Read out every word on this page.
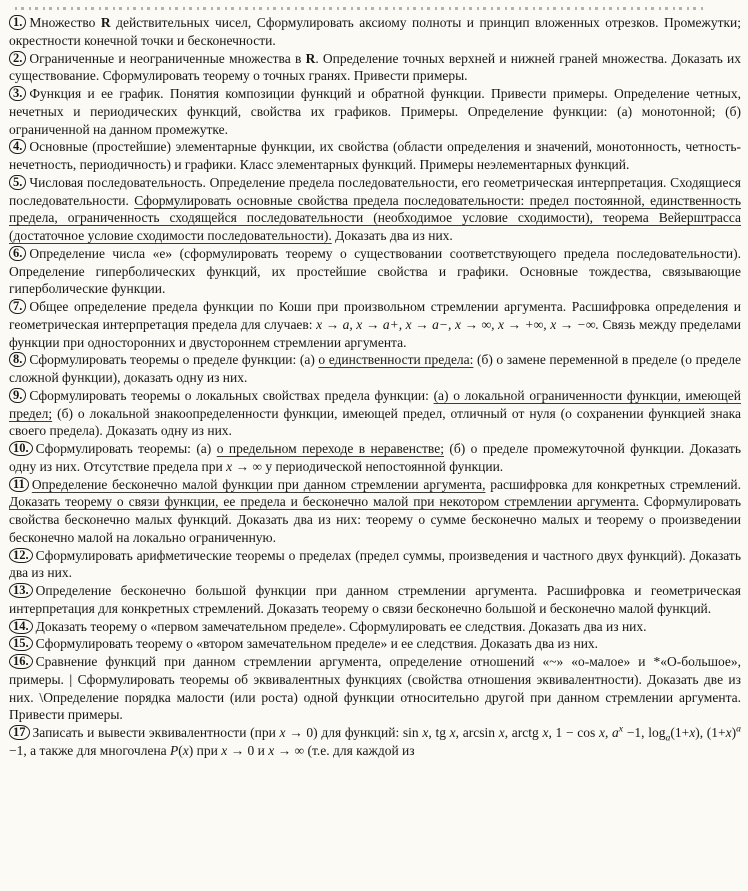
1. Множество R действительных чисел, Сформулировать аксиому полноты и принцип вложенных отрезков. Промежутки; окрестности конечной точки и бесконечности.

2. Ограниченные и неограниченные множества в R. Определение точных верхней и нижней граней множества. Доказать их существование. Сформулировать теорему о точных гранях. Привести примеры.

3. Функция и ее график. Понятия композиции функций и обратной функции. Привести примеры. Определение четных, нечетных и периодических функций, свойства их графиков. Примеры. Определение функции: (а) монотонной; (б) ограниченной на данном промежутке.

4. Основные (простейшие) элементарные функции, их свойства (области определения и значений, монотонность, четность-нечетность, периодичность) и графики. Класс элементарных функций. Примеры неэлементарных функций.

5. Числовая последовательность. Определение предела последовательности, его геометрическая интерпретация. Сходящиеся последовательности. Сформулировать основные свойства предела последовательности: предел постоянной, единственность предела, ограниченность сходящейся последовательности (необходимое условие сходимости), теорема Вейерштрасса (достаточное условие сходимости последовательности). Доказать два из них.

6. Определение числа «е» (сформулировать теорему о существовании соответствующего предела последовательности). Определение гиперболических функций, их простейшие свойства и графики. Основные тождества, связывающие гиперболические функции.

7. Общее определение предела функции по Коши при произвольном стремлении аргумента. Расшифровка определения и геометрическая интерпретация предела для случаев: x → a, x → a+, x → a−, x → ∞, x → +∞, x → −∞. Связь между пределами функции при односторонних и двустороннем стремлении аргумента.

8. Сформулировать теоремы о пределе функции: (а) о единственности предела: (б) о замене переменной в пределе (о пределе сложной функции), доказать одну из них.

9. Сформулировать теоремы о локальных свойствах предела функции: (а) о локальной ограниченности функции, имеющей предел; (б) о локальной знакоопределенности функции, имеющей предел, отличный от нуля (о сохранении функцией знака своего предела). Доказать одну из них.

10. Сформулировать теоремы: (а) о предельном переходе в неравенстве; (б) о пределе промежуточной функции. Доказать одну из них. Отсутствие предела при x → ∞ у периодической непостоянной функции.

11 Определение бесконечно малой функции при данном стремлении аргумента, расшифровка для конкретных стремлений. Доказать теорему о связи функции, ее предела и бесконечно малой при некотором стремлении аргумента. Сформулировать свойства бесконечно малых функций. Доказать два из них: теорему о сумме бесконечно малых и теорему о произведении бесконечно малой на локально ограниченную.

12. Сформулировать арифметические теоремы о пределах (предел суммы, произведения и частного двух функций). Доказать два из них.

13. Определение бесконечно большой функции при данном стремлении аргумента. Расшифровка и геометрическая интерпретация для конкретных стремлений. Доказать теорему о связи бесконечно большой и бесконечно малой функций.

14. Доказать теорему о «первом замечательном пределе». Сформулировать ее следствия. Доказать два из них.

15. Сформулировать теорему о «втором замечательном пределе» и ее следствия. Доказать два из них.

16. Сравнение функций при данном стремлении аргумента, определение отношений «~» «о-малое» и *«О-большое», примеры. | Сформулировать теоремы об эквивалентных функциях (свойства отношения эквивалентности). Доказать две из них. \Определение порядка малости (или роста) одной функции относительно другой при данном стремлении аргумента. Привести примеры.

17 Записать и вывести эквивалентности (при x → 0) для функций: sin x, tg x, arcsin x, arctg x, 1 − cos x, $a^x -1$, $\log_a(1+x)$, $(1+x)^a -1$, а также для многочлена P(x) при x → 0 и x → ∞ (т.е. для каждой из
